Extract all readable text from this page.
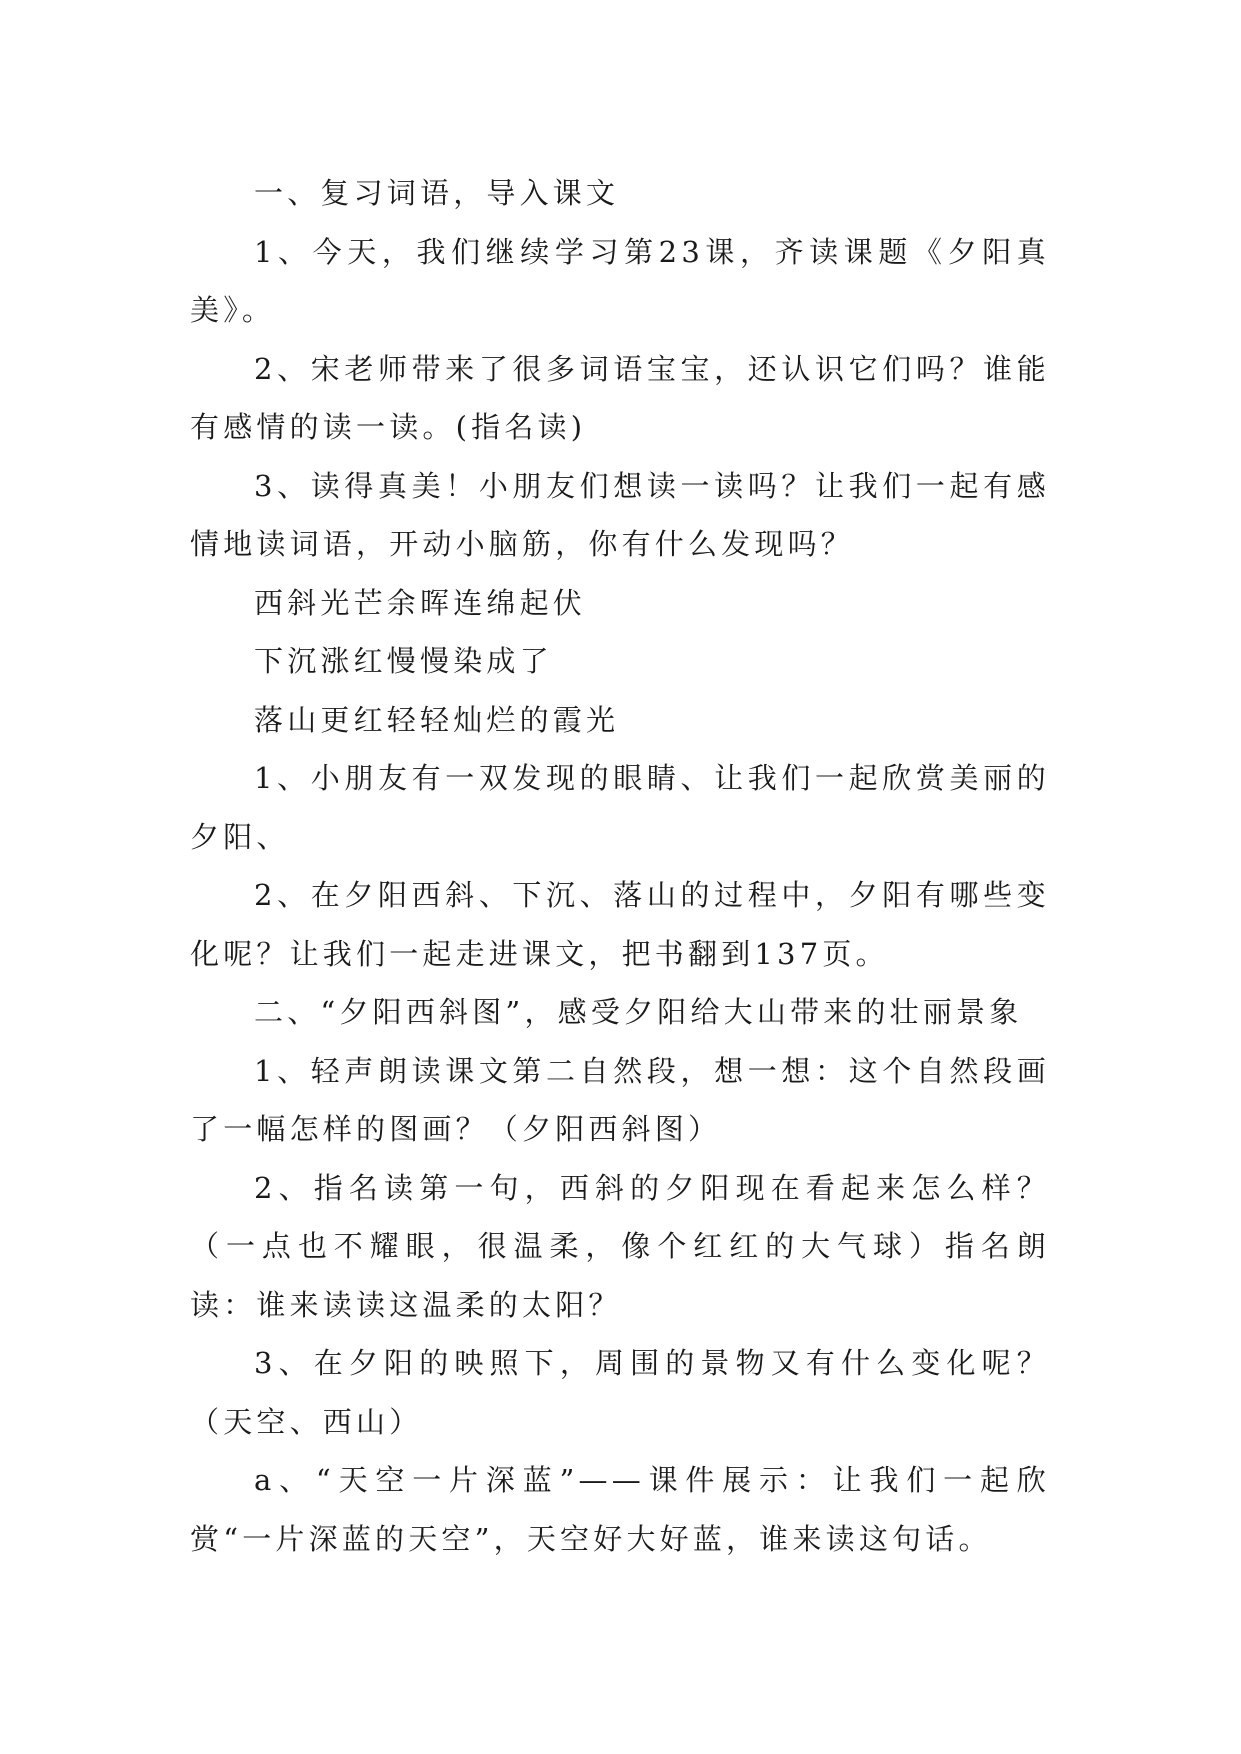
一、复习词语，导入课文

1、今天，我们继续学习第23课，齐读课题《夕阳真美》。

2、宋老师带来了很多词语宝宝，还认识它们吗？谁能有感情的读一读。(指名读)

3、读得真美！小朋友们想读一读吗？让我们一起有感情地读词语，开动小脑筋，你有什么发现吗？

西斜光芒余晖连绵起伏

下沉涨红慢慢染成了

落山更红轻轻灿烂的霞光

1、小朋友有一双发现的眼睛、让我们一起欣赏美丽的夕阳、

2、在夕阳西斜、下沉、落山的过程中，夕阳有哪些变化呢？让我们一起走进课文，把书翻到137页。

二、“夕阳西斜图”，感受夕阳给大山带来的壮丽景象

1、轻声朗读课文第二自然段，想一想：这个自然段画了一幅怎样的图画？（夕阳西斜图）

2、指名读第一句，西斜的夕阳现在看起来怎么样？（一点也不耀眼，很温柔，像个红红的大气球）指名朗读：谁来读读这温柔的太阳？

3、在夕阳的映照下，周围的景物又有什么变化呢？（天空、西山）

a、“天空一片深蓝”——课件展示：让我们一起欣赏“一片深蓝的天空”，天空好大好蓝，谁来读这句话。
